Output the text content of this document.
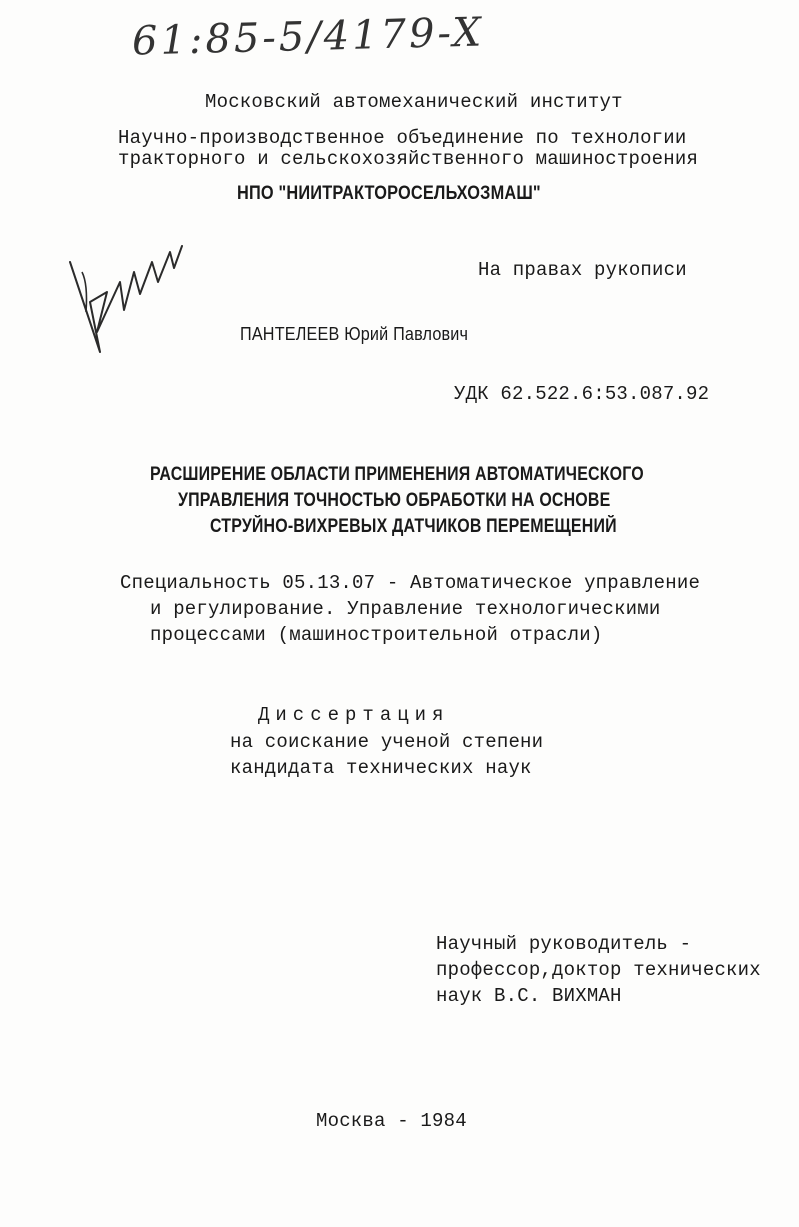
61:85-5/4179-X
Московский автомеханический институт
Научно-производственное объединение по технологии
тракторного и сельскохозяйственного машиностроения
НПО "НИИТРАКТОРОСЕЛЬХОЗМАШ"
На правах рукописи
ПАНТЕЛЕЕВ Юрий Павлович
УДК 62.522.6:53.087.92
РАСШИРЕНИЕ ОБЛАСТИ ПРИМЕНЕНИЯ АВТОМАТИЧЕСКОГО
УПРАВЛЕНИЯ ТОЧНОСТЬЮ ОБРАБОТКИ НА ОСНОВЕ
СТРУЙНО-ВИХРЕВЫХ ДАТЧИКОВ ПЕРЕМЕЩЕНИЙ
Специальность 05.13.07 - Автоматическое управление
и регулирование. Управление технологическими
процессами (машиностроительной отрасли)
Диссертация
на соискание ученой степени
кандидата технических наук
Научный руководитель -
профессор,доктор технических
наук В.С. ВИХМАН
Москва - 1984
